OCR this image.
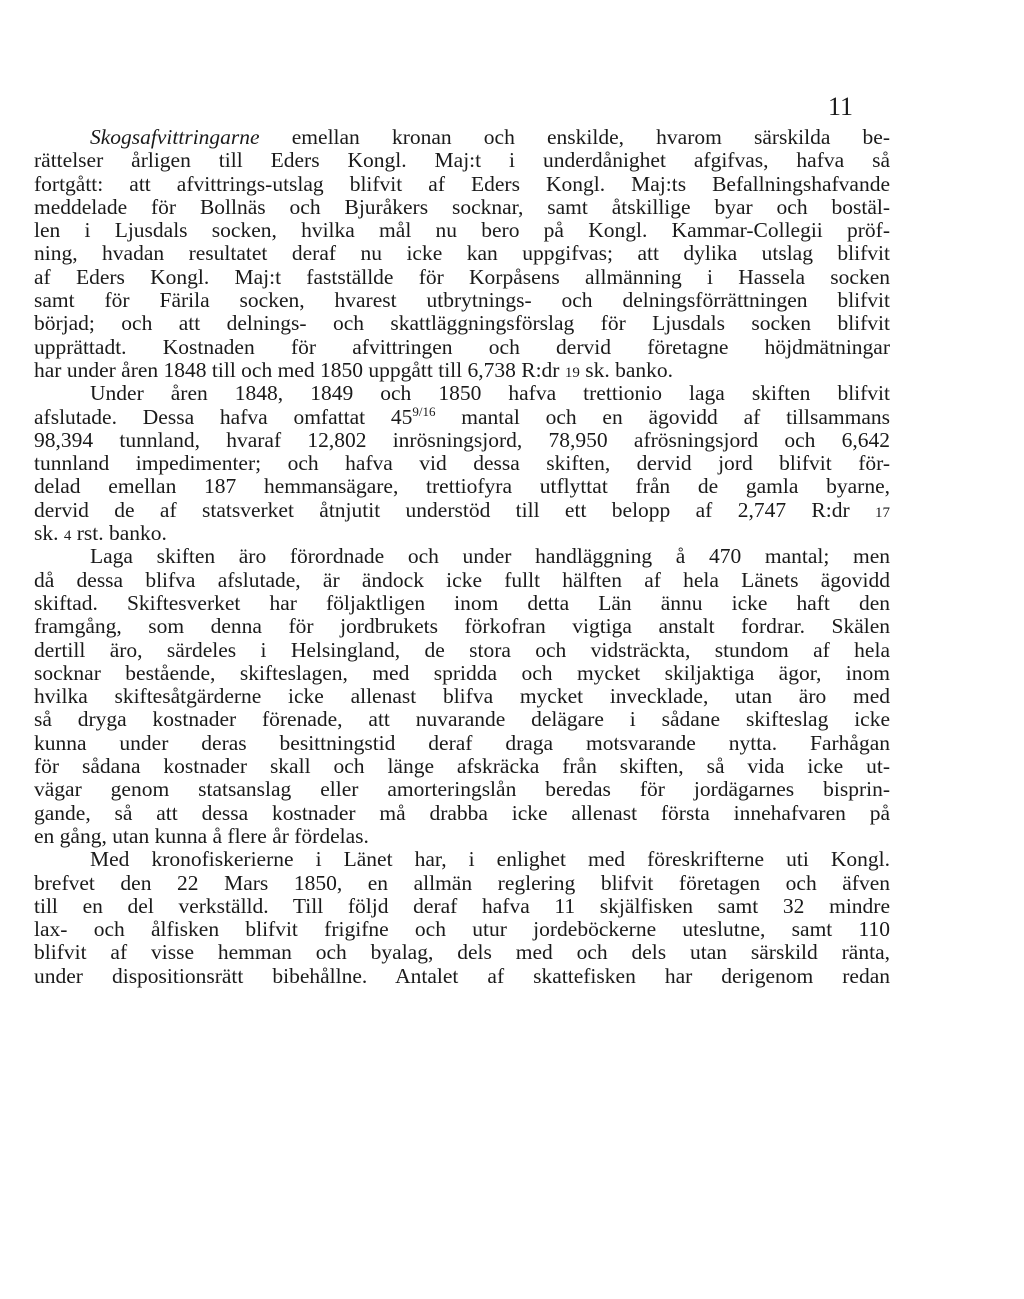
11
Skogsafvittringarne emellan kronan och enskilde, hvarom särskilda be-
rättelser årligen till Eders Kongl. Maj:t i underdånighet afgifvas, hafva så
fortgått: att afvittrings-utslag blifvit af Eders Kongl. Maj:ts Befallningshafvande
meddelade för Bollnäs och Bjuråkers socknar, samt åtskillige byar och bostäl-
len i Ljusdals socken, hvilka mål nu bero på Kongl. Kammar-Collegii pröf-
ning, hvadan resultatet deraf nu icke kan uppgifvas; att dylika utslag blifvit
af Eders Kongl. Maj:t fastställde för Korpåsens allmänning i Hassela socken
samt för Färila socken, hvarest utbrytnings- och delningsförrättningen blifvit
börjad; och att delnings- och skattläggningsförslag för Ljusdals socken blifvit
upprättadt. Kostnaden för afvittringen och dervid företagne höjdmätningar
har under åren 1848 till och med 1850 uppgått till 6,738 R:dr 19 sk. banko.
Under åren 1848, 1849 och 1850 hafva trettionio laga skiften blifvit
afslutade. Dessa hafva omfattat $45^{9/16}$ mantal och en ägovidd af tillsammans
98,394 tunnland, hvaraf 12,802 inrösningsjord, 78,950 afrösningsjord och 6,642
tunnland impedimenter; och hafva vid dessa skiften, dervid jord blifvit för-
delad emellan 187 hemmansägare, trettiofyra utflyttat från de gamla byarne,
dervid de af statsverket åtnjutit understöd till ett belopp af 2,747 R:dr 17
sk. 4 rst. banko.
Laga skiften äro förordnade och under handläggning å 470 mantal; men
då dessa blifva afslutade, är ändock icke fullt hälften af hela Länets ägovidd
skiftad. Skiftesverket har följaktligen inom detta Län ännu icke haft den
framgång, som denna för jordbrukets förkofran vigtiga anstalt fordrar. Skälen
dertill äro, särdeles i Helsingland, de stora och vidsträckta, stundom af hela
socknar bestående, skifteslagen, med spridda och mycket skiljaktiga ägor, inom
hvilka skiftesåtgärderne icke allenast blifva mycket invecklade, utan äro med
så dryga kostnader förenade, att nuvarande delägare i sådane skifteslag icke
kunna under deras besittningstid deraf draga motsvarande nytta. Farhågan
för sådana kostnader skall och länge afskräcka från skiften, så vida icke ut-
vägar genom statsanslag eller amorteringslån beredas för jordägarnes bisprin-
gande, så att dessa kostnader må drabba icke allenast första innehafvaren på
en gång, utan kunna å flere år fördelas.
Med kronofiskerierne i Länet har, i enlighet med föreskrifterne uti Kongl.
brefvet den 22 Mars 1850, en allmän reglering blifvit företagen och äfven
till en del verkställd. Till följd deraf hafva 11 skjälfisken samt 32 mindre
lax- och ålfisken blifvit frigifne och utur jordeböckerne uteslutne, samt 110
blifvit af visse hemman och byalag, dels med och dels utan särskild ränta,
under dispositionsrätt bibehållne. Antalet af skattefisken har derigenom redan
